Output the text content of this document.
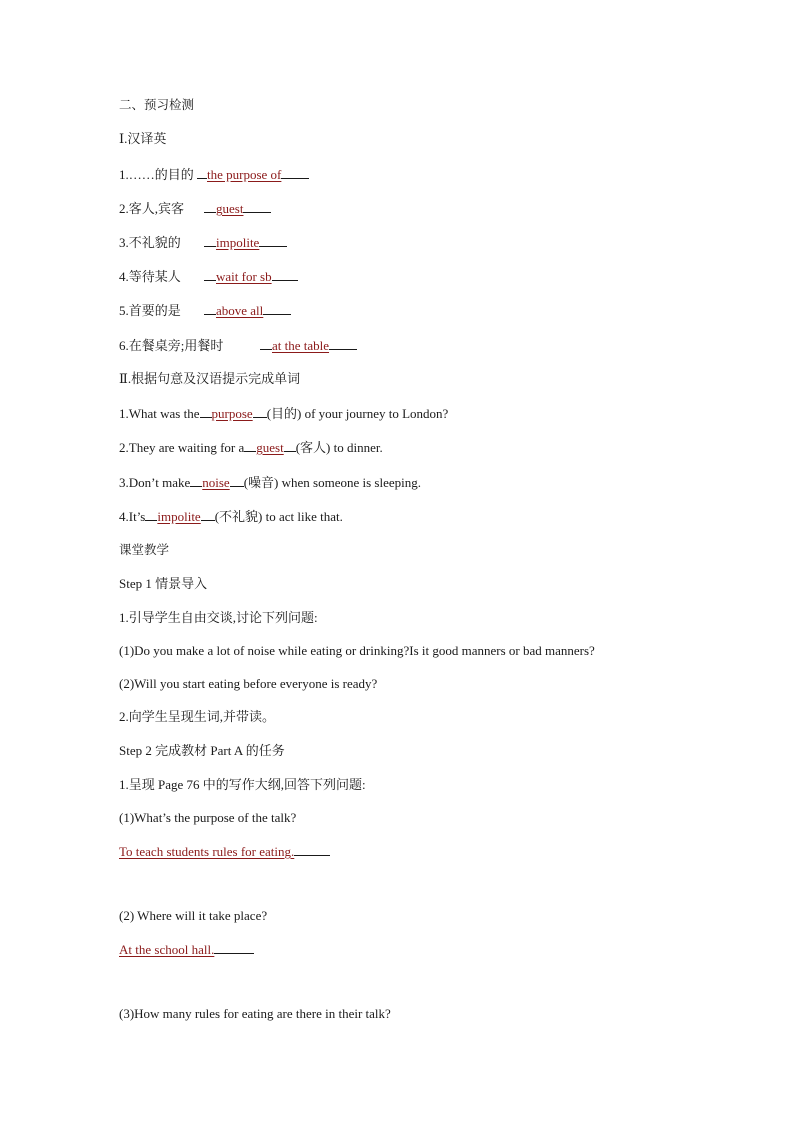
二、预习检测
Ⅰ.汉译英
1.……的目的 the purpose of
2.客人,宾客 guest
3.不礼貌的	impolite
4.等待某人	wait for sb
5.首要的是	above all
6.在餐桌旁;用餐时	at the table
Ⅱ.根据句意及汉语提示完成单词
1.What was the purpose (目的) of your journey to London?
2.They are waiting for a guest (客人) to dinner.
3.Don’t make noise (噪音) when someone is sleeping.
4.It’s impolite (不礼貌) to act like that.
课堂教学
Step 1 情景导入
1.引导学生自由交谈,讨论下列问题:
(1)Do you make a lot of noise while eating or drinking?Is it good manners or bad manners?
(2)Will you start eating before everyone is ready?
2.向学生呈现生词,并带读。
Step 2 完成教材 Part A 的任务
1.呈现 Page 76 中的写作大纲,回答下列问题:
(1)What’s the purpose of the talk?
To teach students rules for eating.
(2) Where will it take place?
At the school hall.
(3)How many rules for eating are there in their talk?
